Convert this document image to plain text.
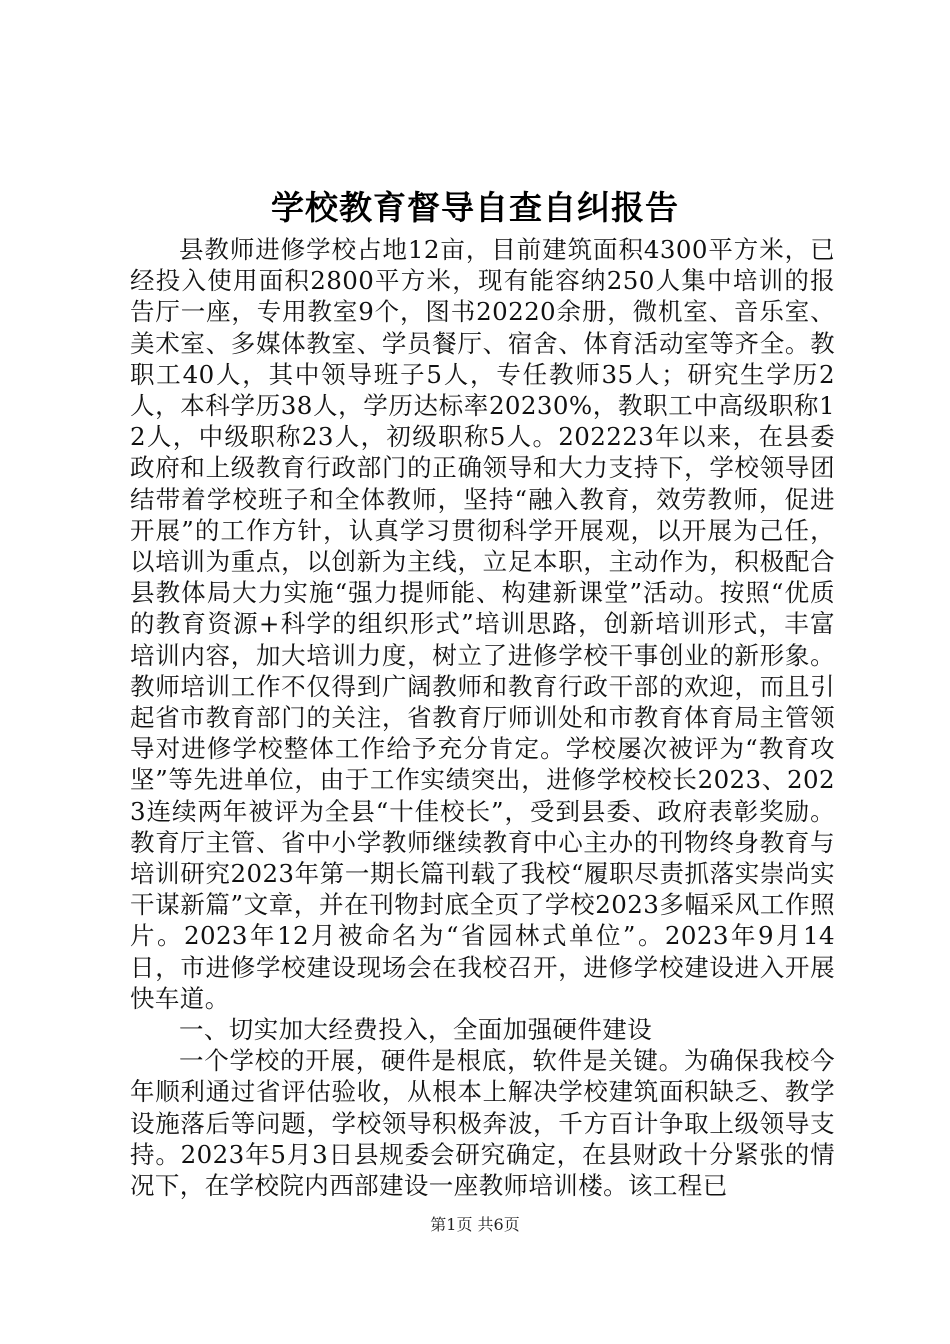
学校教育督导自查自纠报告

县教师进修学校占地12亩，目前建筑面积4300平方米，已经投入使用面积2800平方米，现有能容纳250人集中培训的报告厅一座，专用教室9个，图书20220余册，微机室、音乐室、美术室、多媒体教室、学员餐厅、宿舍、体育活动室等齐全。教职工40人，其中领导班子5人，专任教师35人；研究生学历2人，本科学历38人，学历达标率20230%，教职工中高级职称12人，中级职称23人，初级职称5人。202223年以来，在县委政府和上级教育行政部门的正确领导和大力支持下，学校领导团结带着学校班子和全体教师，坚持“融入教育，效劳教师，促进开展”的工作方针，认真学习贯彻科学开展观，以开展为己任，以培训为重点，以创新为主线，立足本职，主动作为，积极配合县教体局大力实施“强力提师能、构建新课堂”活动。按照“优质的教育资源+科学的组织形式”培训思路，创新培训形式，丰富培训内容，加大培训力度，树立了进修学校干事创业的新形象。教师培训工作不仅得到广阔教师和教育行政干部的欢迎，而且引起省市教育部门的关注，省教育厅师训处和市教育体育局主管领导对进修学校整体工作给予充分肯定。学校屡次被评为“教育攻坚”等先进单位，由于工作实绩突出，进修学校校长2023、2023连续两年被评为全县“十佳校长”，受到县委、政府表彰奖励。教育厅主管、省中小学教师继续教育中心主办的刊物终身教育与培训研究2023年第一期长篇刊载了我校“履职尽责抓落实崇尚实干谋新篇”文章，并在刊物封底全页了学校2023多幅采风工作照片。2023年12月被命名为“省园林式单位”。2023年9月14日，市进修学校建设现场会在我校召开，进修学校建设进入开展快车道。

一、切实加大经费投入，全面加强硬件建设

一个学校的开展，硬件是根底，软件是关键。为确保我校今年顺利通过省评估验收，从根本上解决学校建筑面积缺乏、教学设施落后等问题，学校领导积极奔波，千方百计争取上级领导支持。2023年5月3日县规委会研究确定，在县财政十分紧张的情况下，在学校院内西部建设一座教师培训楼。该工程已

第1页 共6页
